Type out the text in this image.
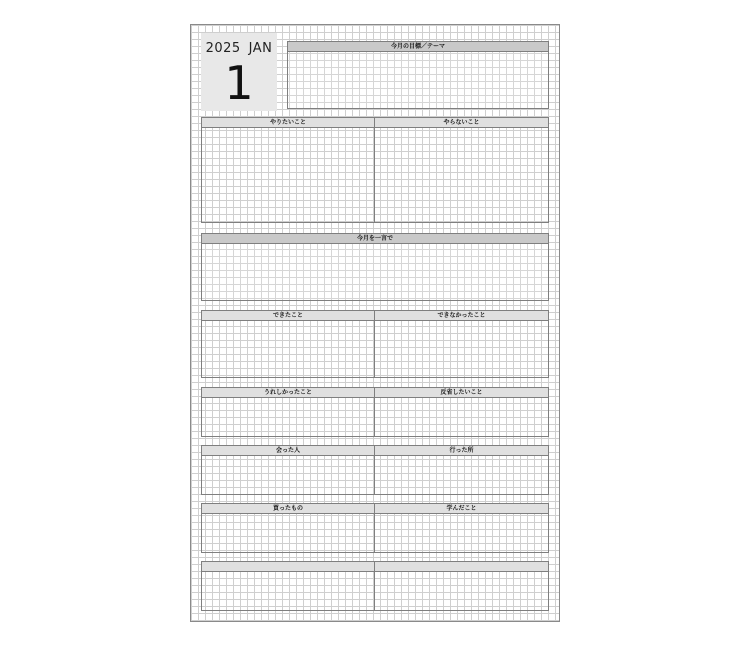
2025 JAN
1
今月の目標／テーマ
やりたいこと	やらないこと
今月を一言で
できたこと	できなかったこと
うれしかったこと	反省したいこと
会った人	行った所
買ったもの	学んだこと
